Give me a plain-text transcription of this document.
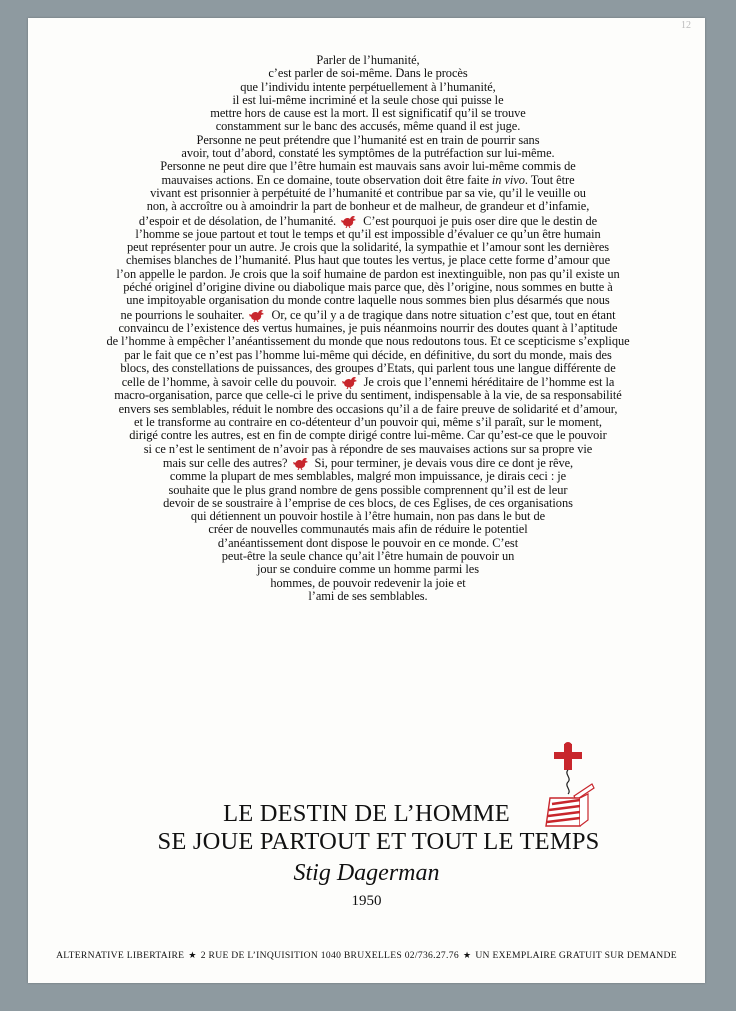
12
Parler de l’humanité,
c’est parler de soi-même. Dans le procès
que l’individu intente perpétuellement à l’humanité,
il est lui-même incriminé et la seule chose qui puisse le
mettre hors de cause est la mort. Il est significatif qu’il se trouve
constamment sur le banc des accusés, même quand il est juge.
Personne ne peut prétendre que l’humanité est en train de pourrir sans
avoir, tout d’abord, constaté les symptômes de la putréfaction sur lui-même.
Personne ne peut dire que l’être humain est mauvais sans avoir lui-même commis de
mauvaises actions. En ce domaine, toute observation doit être faite in vivo. Tout être
vivant est prisonnier à perpétuité de l’humanité et contribue par sa vie, qu’il le veuille ou
non, à accroître ou à amoindrir la part de bonheur et de malheur, de grandeur et d’infamie,
d’espoir et de désolation, de l’humanité. C’est pourquoi je puis oser dire que le destin de
l’homme se joue partout et tout le temps et qu’il est impossible d’évaluer ce qu’un être humain
peut représenter pour un autre. Je crois que la solidarité, la sympathie et l’amour sont les dernières
chemises blanches de l’humanité. Plus haut que toutes les vertus, je place cette forme d’amour que
l’on appelle le pardon. Je crois que la soif humaine de pardon est inextinguible, non pas qu’il existe un
péché originel d’origine divine ou diabolique mais parce que, dès l’origine, nous sommes en butte à
une impitoyable organisation du monde contre laquelle nous sommes bien plus désarmés que nous
ne pourrions le souhaiter. Or, ce qu’il y a de tragique dans notre situation c’est que, tout en étant
convaincu de l’existence des vertus humaines, je puis néanmoins nourrir des doutes quant à l’aptitude
de l’homme à empêcher l’anéantissement du monde que nous redoutons tous. Et ce scepticisme s’explique
par le fait que ce n’est pas l’homme lui-même qui décide, en définitive, du sort du monde, mais des
blocs, des constellations de puissances, des groupes d’Etats, qui parlent tous une langue différente de
celle de l’homme, à savoir celle du pouvoir. Je crois que l’ennemi héréditaire de l’homme est la
macro-organisation, parce que celle-ci le prive du sentiment, indispensable à la vie, de sa responsabilité
envers ses semblables, réduit le nombre des occasions qu’il a de faire preuve de solidarité et d’amour,
et le transforme au contraire en co-détenteur d’un pouvoir qui, même s’il paraît, sur le moment,
dirigé contre les autres, est en fin de compte dirigé contre lui-même. Car qu’est-ce que le pouvoir
si ce n’est le sentiment de n’avoir pas à répondre de ses mauvaises actions sur sa propre vie
mais sur celle des autres? Si, pour terminer, je devais vous dire ce dont je rêve,
comme la plupart de mes semblables, malgré mon impuissance, je dirais ceci : je
souhaite que le plus grand nombre de gens possible comprennent qu’il est de leur
devoir de se soustraire à l’emprise de ces blocs, de ces Eglises, de ces organisations
qui détiennent un pouvoir hostile à l’être humain, non pas dans le but de
créer de nouvelles communautés mais afin de réduire le potentiel
d’anéantissement dont dispose le pouvoir en ce monde. C’est
peut-être la seule chance qu’ait l’être humain de pouvoir un
jour se conduire comme un homme parmi les
hommes, de pouvoir redevenir la joie et
l’ami de ses semblables.
LE DESTIN DE L’HOMME
SE JOUE PARTOUT ET TOUT LE TEMPS
Stig Dagerman
1950
ALTERNATIVE LIBERTAIRE ★ 2 RUE DE L’INQUISITION 1040 BRUXELLES 02/736.27.76 ★ UN EXEMPLAIRE GRATUIT SUR DEMANDE
